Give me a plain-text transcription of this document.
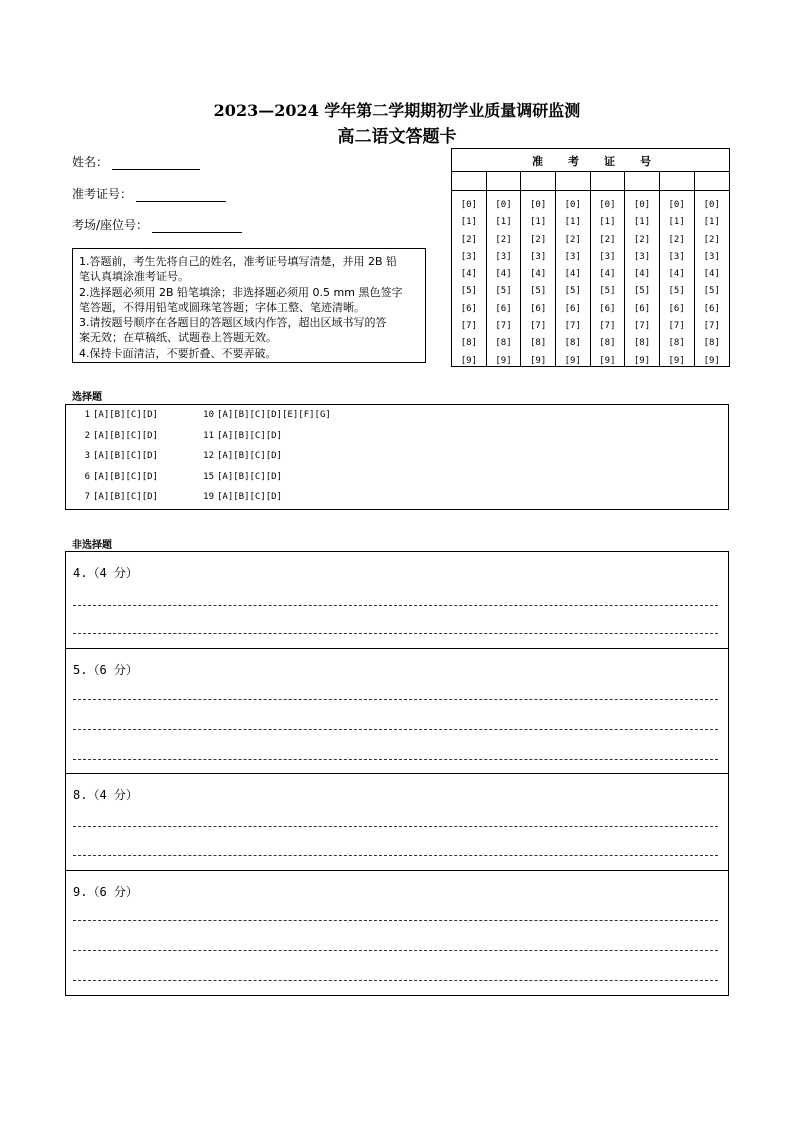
2023—2024 学年第二学期期初学业质量调研监测
高二语文答题卡
姓名：
准考证号：
考场/座位号：
1.答题前，考生先将自己的姓名，准考证号填写清楚，并用 2B 铅
笔认真填涂准考证号。
2.选择题必须用 2B 铅笔填涂；非选择题必须用 0.5 mm 黑色签字
笔答题，不得用铅笔或圆珠笔答题；字体工整、笔迹清晰。
3.请按题号顺序在各题目的答题区域内作答，超出区域书写的答
案无效；在草稿纸、试题卷上答题无效。
4.保持卡面清洁，不要折叠、不要弄破。
准 考 证 号
[0]
[1]
[2]
[3]
[4]
[5]
[6]
[7]
[8]
[9]
[0]
[1]
[2]
[3]
[4]
[5]
[6]
[7]
[8]
[9]
[0]
[1]
[2]
[3]
[4]
[5]
[6]
[7]
[8]
[9]
[0]
[1]
[2]
[3]
[4]
[5]
[6]
[7]
[8]
[9]
[0]
[1]
[2]
[3]
[4]
[5]
[6]
[7]
[8]
[9]
[0]
[1]
[2]
[3]
[4]
[5]
[6]
[7]
[8]
[9]
[0]
[1]
[2]
[3]
[4]
[5]
[6]
[7]
[8]
[9]
[0]
[1]
[2]
[3]
[4]
[5]
[6]
[7]
[8]
[9]
选择题
1 [A][B][C][D]
2 [A][B][C][D]
3 [A][B][C][D]
6 [A][B][C][D]
7 [A][B][C][D]
10 [A][B][C][D][E][F][G]
11 [A][B][C][D]
12 [A][B][C][D]
15 [A][B][C][D]
19 [A][B][C][D]
非选择题
4.（4 分）
5.（6 分）
8.（4 分）
9.（6 分）
